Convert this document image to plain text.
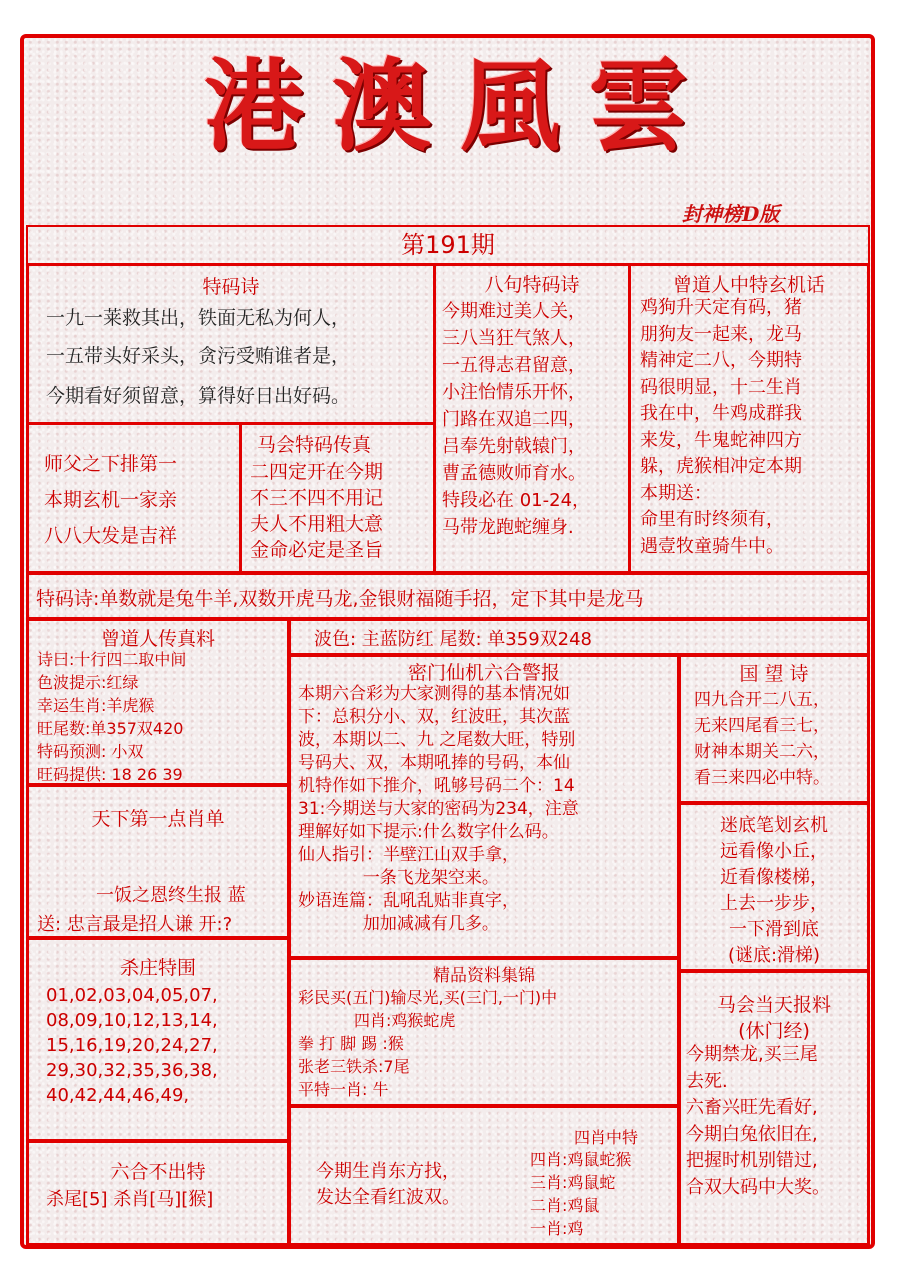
港澳風雲
封神榜D版
第191期
特码诗
一九一莱救其出，铁面无私为何人，
一五带头好采头，贪污受贿谁者是，
今期看好须留意，算得好日出好码。
师父之下排第一
本期玄机一家亲
八八大发是吉祥
马会特码传真
二四定开在今期
不三不四不用记
夫人不用粗大意
金命必定是圣旨
八句特码诗
今期难过美人关，
三八当狂气煞人，
一五得志君留意，
小注怡情乐开怀，
门路在双追二四，
吕奉先射戟辕门，
曹孟德败师育水。
特段必在 01-24，
马带龙跑蛇缠身.
曾道人中特玄机话
鸡狗升天定有码，猪
朋狗友一起来，龙马
精神定二八，今期特
码很明显，十二生肖
我在中，牛鸡成群我
来发，牛鬼蛇神四方
躲，虎猴相冲定本期
本期送：
命里有时终须有，
遇壹牧童骑牛中。
特码诗:单数就是兔牛羊,双数开虎马龙,金银财福随手招，定下其中是龙马
曾道人传真料
诗曰:十行四二取中间
色波提示:红绿
幸运生肖:羊虎猴
旺尾数:单357双420
特码预测: 小双
旺码提供: 18 26 39
天下第一点肖单
一饭之恩终生报 蓝
送: 忠言最是招人谦 开:?
杀庄特围
01,02,03,04,05,07,
08,09,10,12,13,14,
15,16,19,20,24,27,
29,30,32,35,36,38,
40,42,44,46,49,
六合不出特
杀尾[5] 杀肖[马][猴]
波色: 主蓝防红 尾数: 单359双248
密门仙机六合警报
本期六合彩为大家测得的基本情况如
下：总积分小、双，红波旺，其次蓝
波，本期以二、九 之尾数大旺，特别
号码大、双，本期吼捧的号码，本仙
机特作如下推介，吼够号码二个：14
31:今期送与大家的密码为234，注意
理解好如下提示:什么数字什么码。
仙人指引：半壁江山双手拿，
一条飞龙架空来。
妙语连篇：乱吼乱贴非真字，
加加减减有几多。
精品资料集锦
彩民买(五门)输尽光,买(三门,一门)中
四肖:鸡猴蛇虎
拳 打 脚 踢 :猴
张老三铁杀:7尾
平特一肖: 牛
今期生肖东方找，
发达全看红波双。
四肖中特
四肖:鸡鼠蛇猴
三肖:鸡鼠蛇
二肖:鸡鼠
一肖:鸡
国 望 诗
四九合开二八五，
无来四尾看三七，
财神本期关二六，
看三来四必中特。
迷底笔划玄机
远看像小丘，
近看像楼梯，
上去一步步，
一下滑到底
(谜底:滑梯)
马会当天报料
(休门经)
今期禁龙,买三尾
去死.
六畜兴旺先看好,
今期白兔依旧在,
把握时机别错过,
合双大码中大奖。
